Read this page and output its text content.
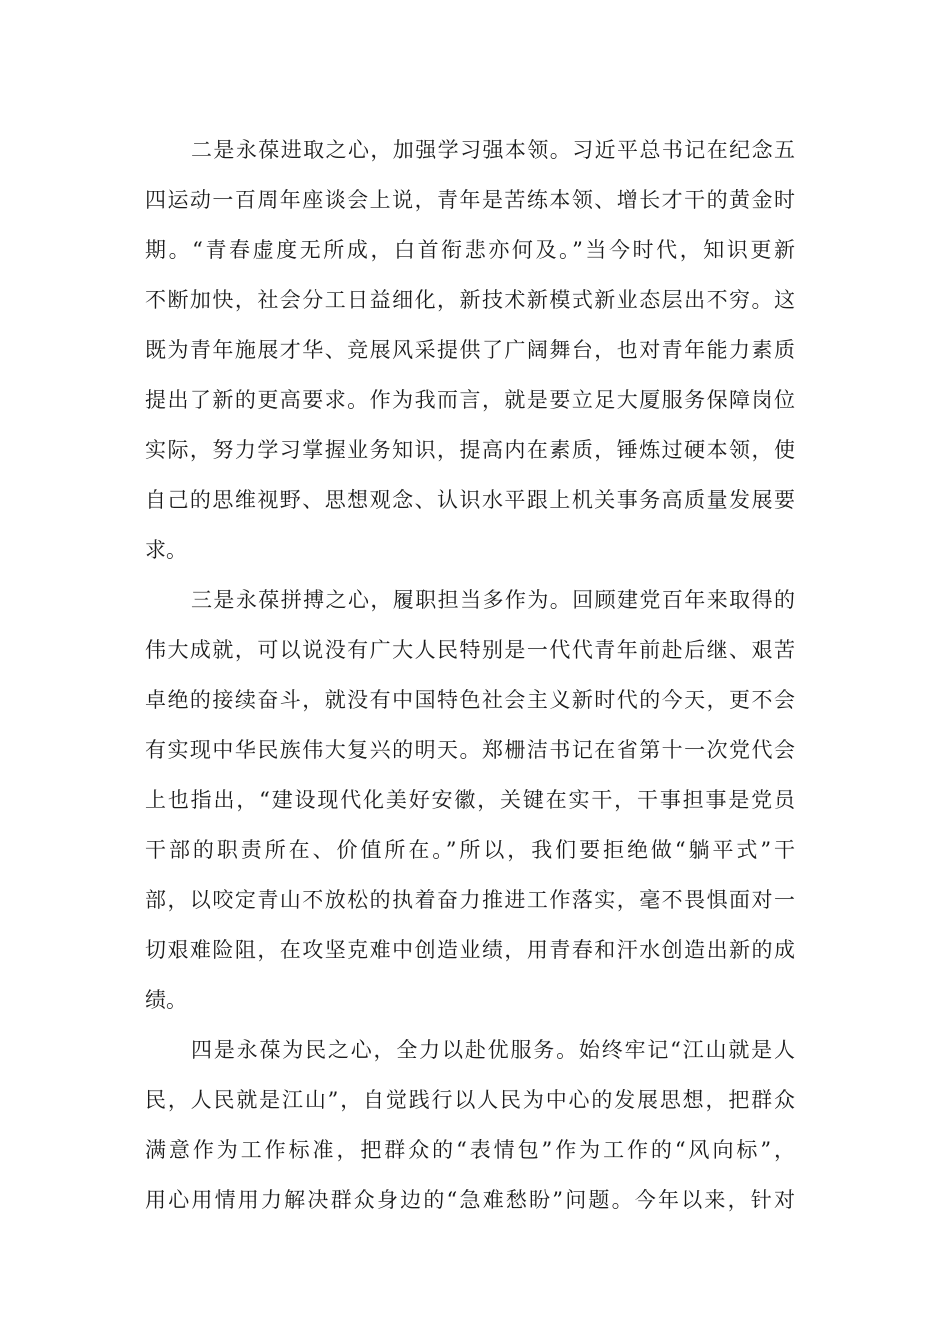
二是永葆进取之心，加强学习强本领。习近平总书记在纪念五
四运动一百周年座谈会上说，青年是苦练本领、增长才干的黄金时
期。“青春虚度无所成，白首衔悲亦何及。”当今时代，知识更新
不断加快，社会分工日益细化，新技术新模式新业态层出不穷。这
既为青年施展才华、竞展风采提供了广阔舞台，也对青年能力素质
提出了新的更高要求。作为我而言，就是要立足大厦服务保障岗位
实际，努力学习掌握业务知识，提高内在素质，锤炼过硬本领，使
自己的思维视野、思想观念、认识水平跟上机关事务高质量发展要
求。
三是永葆拼搏之心，履职担当多作为。回顾建党百年来取得的
伟大成就，可以说没有广大人民特别是一代代青年前赴后继、艰苦
卓绝的接续奋斗，就没有中国特色社会主义新时代的今天，更不会
有实现中华民族伟大复兴的明天。郑栅洁书记在省第十一次党代会
上也指出，“建设现代化美好安徽，关键在实干，干事担事是党员
干部的职责所在、价值所在。”所以，我们要拒绝做“躺平式”干
部，以咬定青山不放松的执着奋力推进工作落实，毫不畏惧面对一
切艰难险阻，在攻坚克难中创造业绩，用青春和汗水创造出新的成
绩。
四是永葆为民之心，全力以赴优服务。始终牢记“江山就是人
民，人民就是江山”，自觉践行以人民为中心的发展思想，把群众
满意作为工作标准，把群众的“表情包”作为工作的“风向标”，
用心用情用力解决群众身边的“急难愁盼”问题。今年以来，针对
